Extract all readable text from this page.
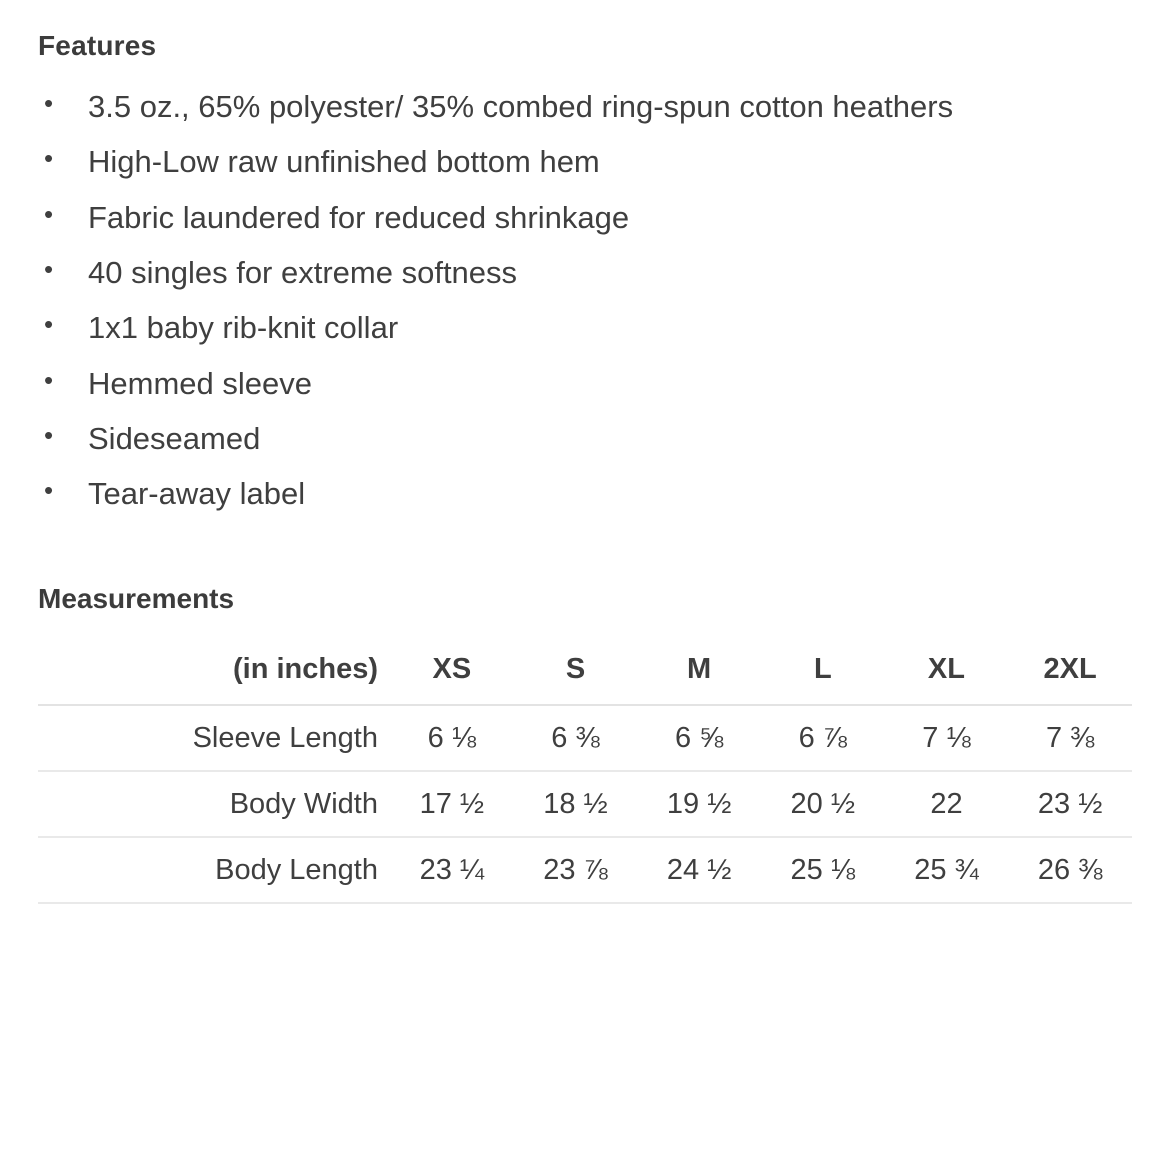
Features
• 3.5 oz., 65% polyester/ 35% combed ring-spun cotton heathers
• High-Low raw unfinished bottom hem
• Fabric laundered for reduced shrinkage
• 40 singles for extreme softness
• 1x1 baby rib-knit collar
• Hemmed sleeve
• Sideseamed
• Tear-away label
Measurements
(in inches)	XS	S	M	L	XL	2XL
Sleeve Length	6 ⅛	6 ⅜	6 ⅝	6 ⅞	7 ⅛	7 ⅜
Body Width	17 ½	18 ½	19 ½	20 ½	22	23 ½
Body Length	23 ¼	23 ⅞	24 ½	25 ⅛	25 ¾	26 ⅜
